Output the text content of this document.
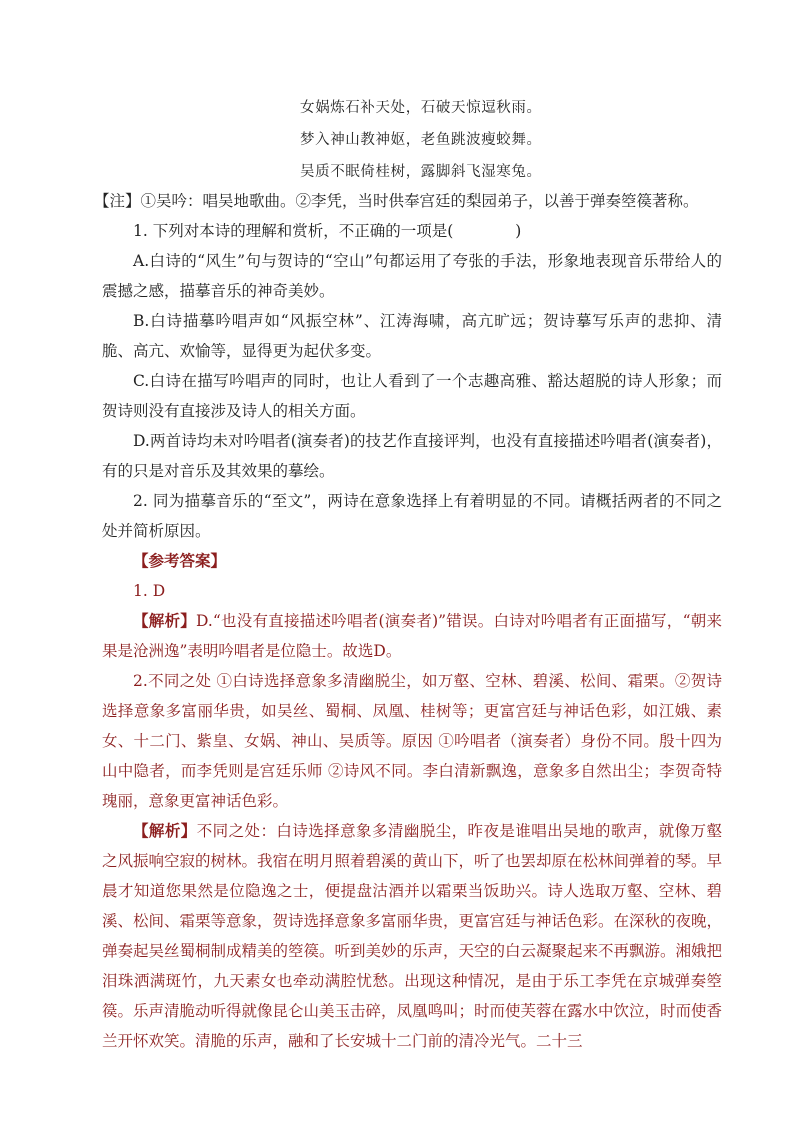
女娲炼石补天处，石破天惊逗秋雨。

梦入神山教神妪，老鱼跳波瘦蛟舞。

吴质不眠倚桂树，露脚斜飞湿寒兔。

【注】①吴吟：唱吴地歌曲。②李凭，当时供奉宫廷的梨园弟子，以善于弹奏箜篌著称。

1. 下列对本诗的理解和赏析，不正确的一项是(　　　　)

A.白诗的“风生”句与贺诗的“空山”句都运用了夸张的手法，形象地表现音乐带给人的震撼之感，描摹音乐的神奇美妙。

B.白诗描摹吟唱声如“风振空林”、江涛海啸，高亢旷远；贺诗摹写乐声的悲抑、清脆、高亢、欢愉等，显得更为起伏多变。

C.白诗在描写吟唱声的同时，也让人看到了一个志趣高雅、豁达超脱的诗人形象；而贺诗则没有直接涉及诗人的相关方面。

D.两首诗均未对吟唱者(演奏者)的技艺作直接评判，也没有直接描述吟唱者(演奏者)，有的只是对音乐及其效果的摹绘。

2. 同为描摹音乐的“至文”，两诗在意象选择上有着明显的不同。请概括两者的不同之处并简析原因。

【参考答案】

1. D

【解析】D.“也没有直接描述吟唱者(演奏者)”错误。白诗对吟唱者有正面描写，“朝来果是沧洲逸”表明吟唱者是位隐士。故选D。

2.不同之处 ①白诗选择意象多清幽脱尘，如万壑、空林、碧溪、松间、霜栗。②贺诗选择意象多富丽华贵，如吴丝、蜀桐、凤凰、桂树等；更富宫廷与神话色彩，如江娥、素女、十二门、紫皇、女娲、神山、吴质等。原因 ①吟唱者（演奏者）身份不同。殷十四为山中隐者，而李凭则是宫廷乐师 ②诗风不同。李白清新飘逸，意象多自然出尘；李贺奇特瑰丽，意象更富神话色彩。

【解析】不同之处：白诗选择意象多清幽脱尘，昨夜是谁唱出吴地的歌声，就像万壑之风振响空寂的树林。我宿在明月照着碧溪的黄山下，听了也罢却原在松林间弹着的琴。早晨才知道您果然是位隐逸之士，便提盘沽酒并以霜栗当饭助兴。诗人选取万壑、空林、碧溪、松间、霜栗等意象，贺诗选择意象多富丽华贵，更富宫廷与神话色彩。在深秋的夜晚，弹奏起吴丝蜀桐制成精美的箜篌。听到美妙的乐声，天空的白云凝聚起来不再飘游。湘娥把泪珠洒满斑竹，九天素女也牵动满腔忧愁。出现这种情况，是由于乐工李凭在京城弹奏箜篌。乐声清脆动听得就像昆仑山美玉击碎，凤凰鸣叫；时而使芙蓉在露水中饮泣，时而使香兰开怀欢笑。清脆的乐声，融和了长安城十二门前的清冷光气。二十三
